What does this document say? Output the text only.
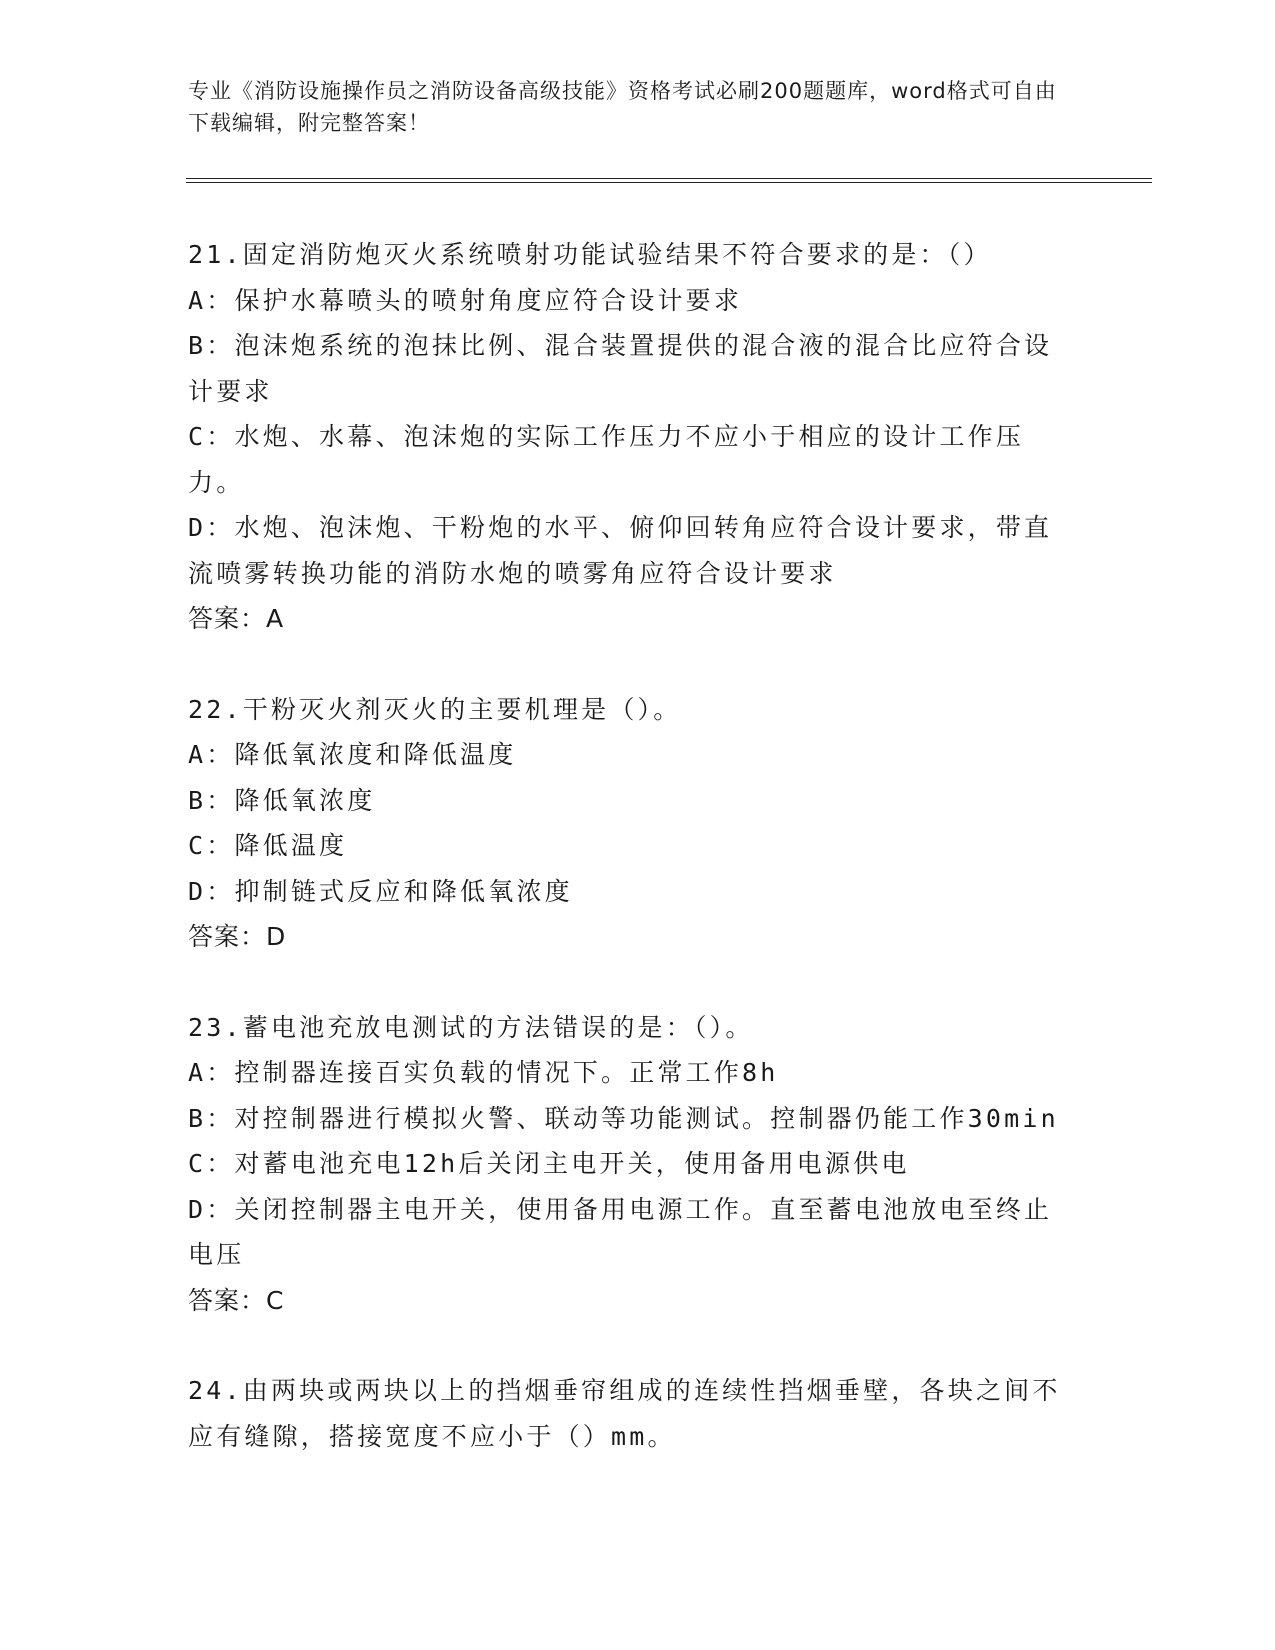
专业《消防设施操作员之消防设备高级技能》资格考试必刷200题题库，word格式可自由下载编辑，附完整答案！

21.固定消防炮灭火系统喷射功能试验结果不符合要求的是：（）

A：保护水幕喷头的喷射角度应符合设计要求

B：泡沫炮系统的泡抹比例、混合装置提供的混合液的混合比应符合设计要求

C：水炮、水幕、泡沫炮的实际工作压力不应小于相应的设计工作压力。

D：水炮、泡沫炮、干粉炮的水平、俯仰回转角应符合设计要求，带直流喷雾转换功能的消防水炮的喷雾角应符合设计要求

答案：A

22.干粉灭火剂灭火的主要机理是（）。

A：降低氧浓度和降低温度

B：降低氧浓度

C：降低温度

D：抑制链式反应和降低氧浓度

答案：D

23.蓄电池充放电测试的方法错误的是：（）。

A：控制器连接百实负载的情况下。正常工作8h

B：对控制器进行模拟火警、联动等功能测试。控制器仍能工作30min

C：对蓄电池充电12h后关闭主电开关，使用备用电源供电

D：关闭控制器主电开关，使用备用电源工作。直至蓄电池放电至终止电压

答案：C

24.由两块或两块以上的挡烟垂帘组成的连续性挡烟垂壁，各块之间不应有缝隙，搭接宽度不应小于（）mm。
